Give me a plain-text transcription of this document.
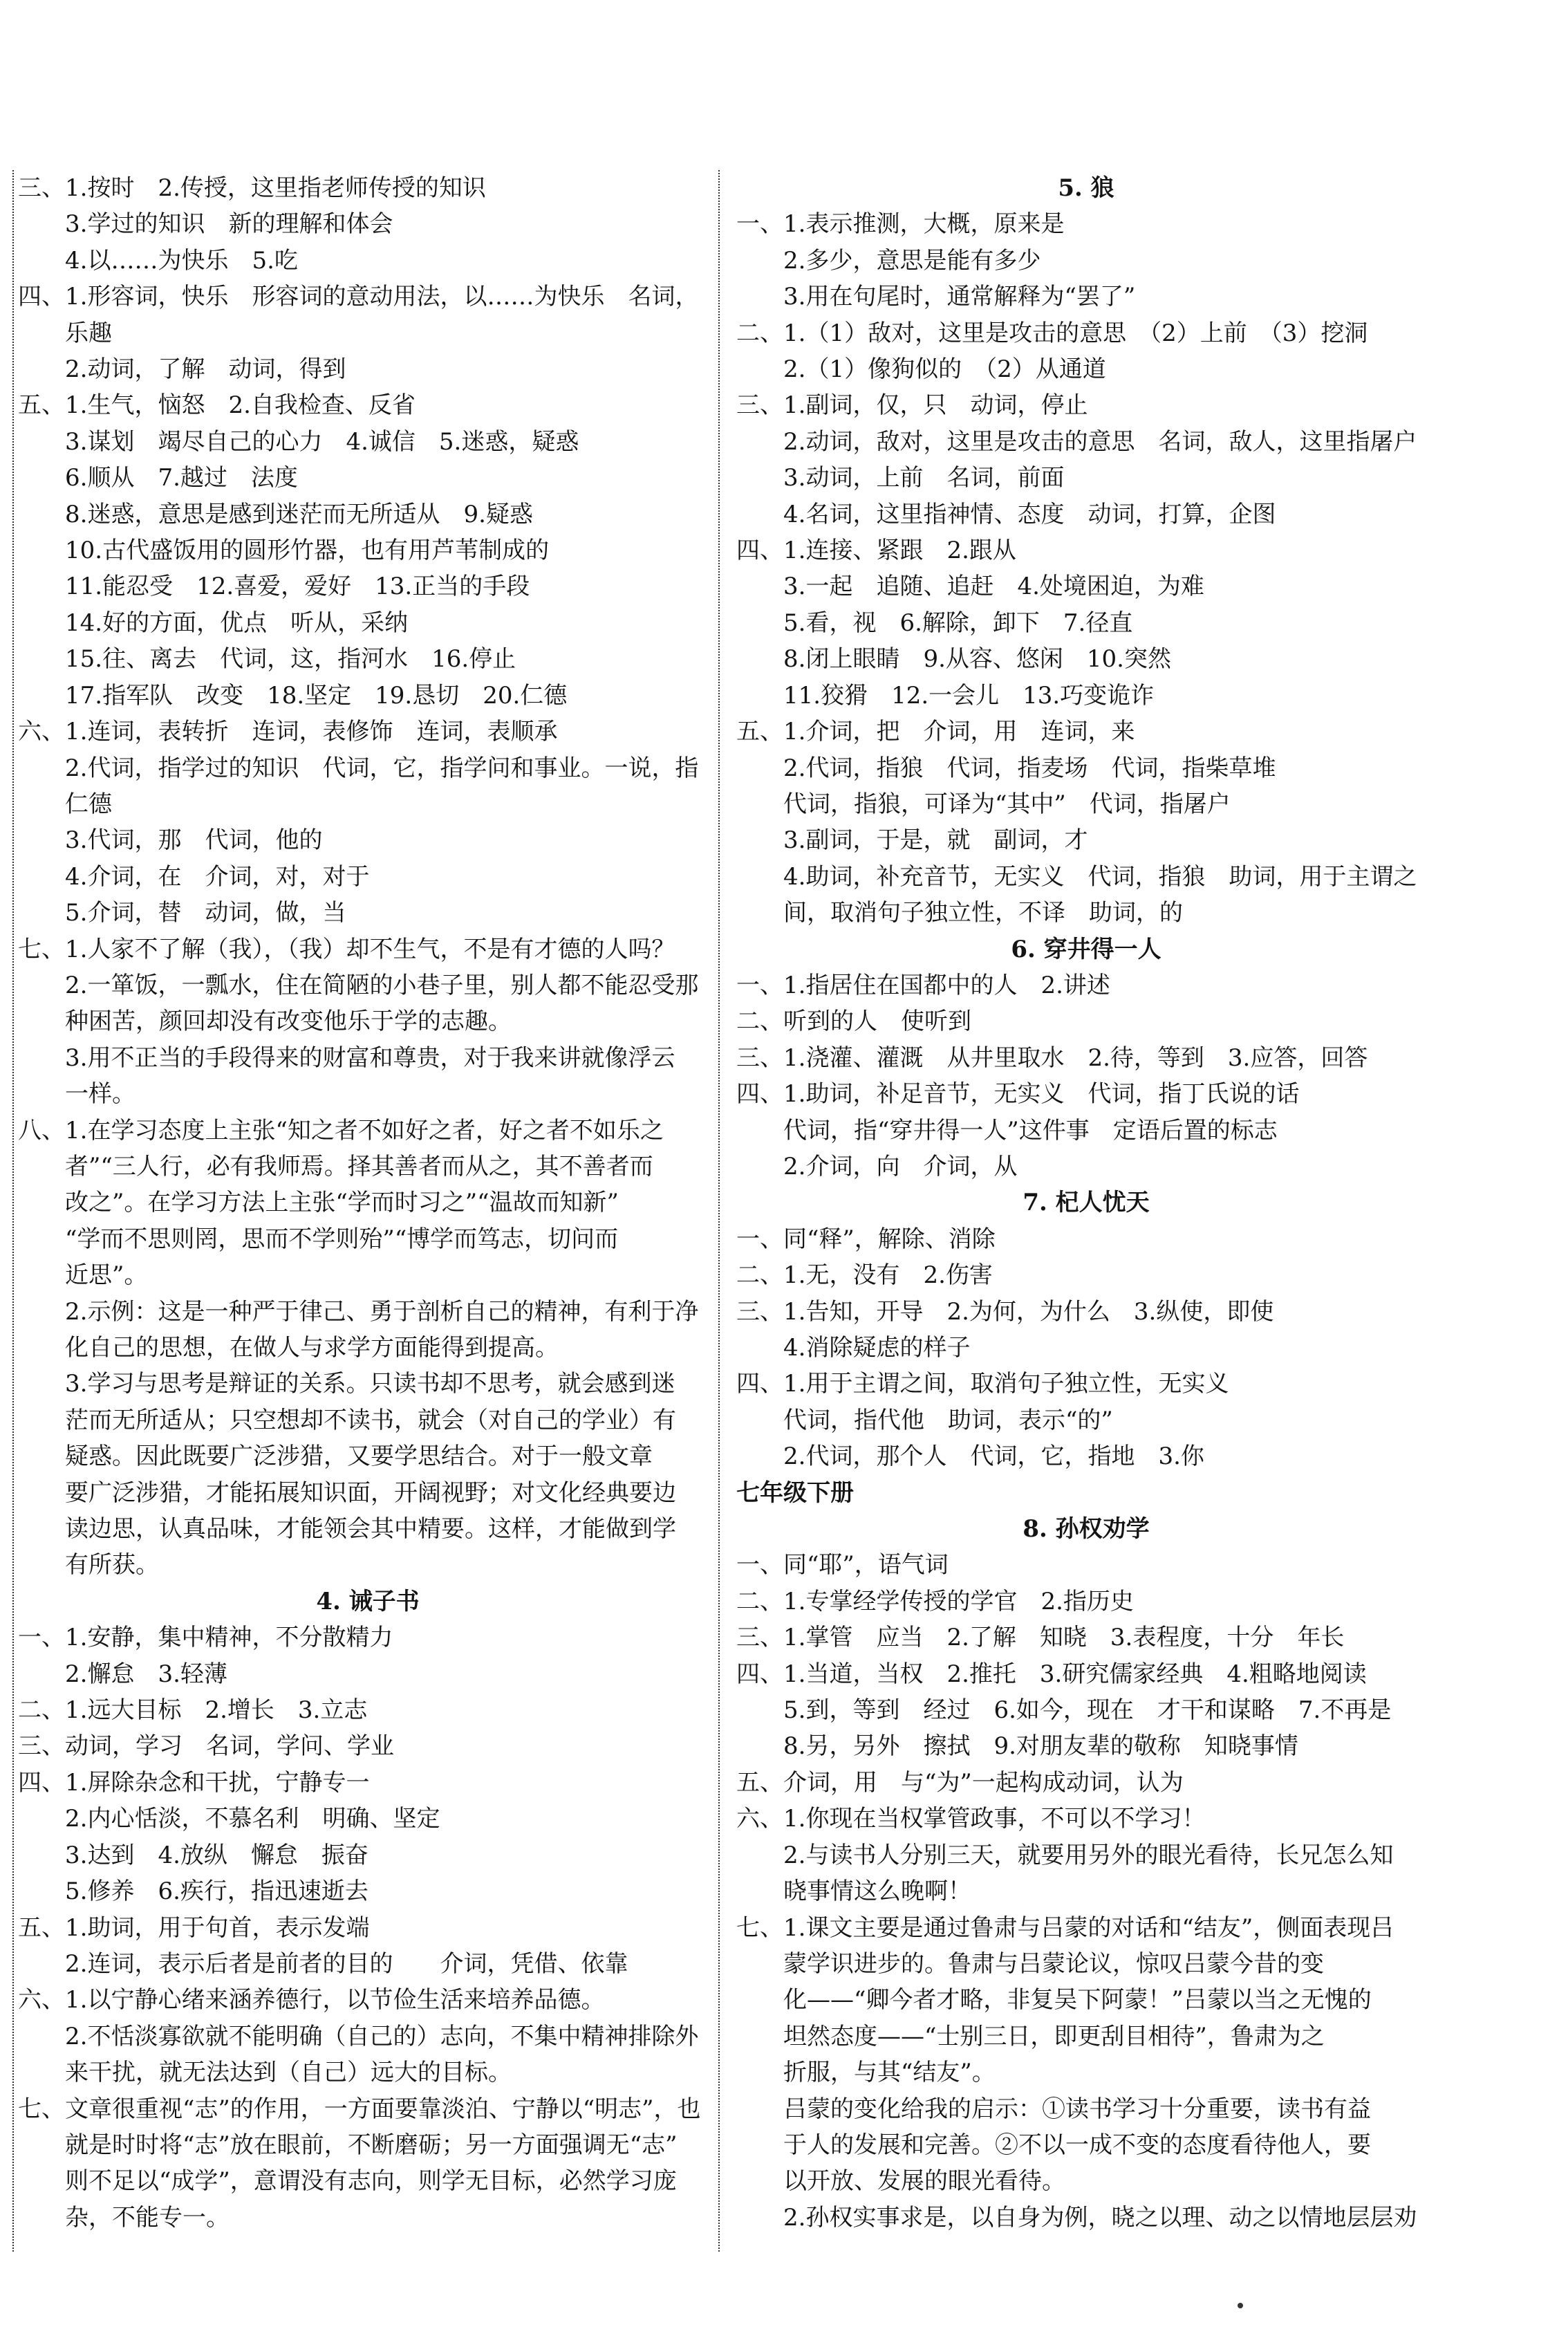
三、1.按时　2.传授，这里指老师传授的知识
　　3.学过的知识　新的理解和体会
　　4.以……为快乐　5.吃
四、1.形容词，快乐　形容词的意动用法，以……为快乐　名词，
　　乐趣
　　2.动词，了解　动词，得到
五、1.生气，恼怒　2.自我检查、反省
　　3.谋划　竭尽自己的心力　4.诚信　5.迷惑，疑惑
　　6.顺从　7.越过　法度
　　8.迷惑，意思是感到迷茫而无所适从　9.疑惑
　　10.古代盛饭用的圆形竹器，也有用芦苇制成的
　　11.能忍受　12.喜爱，爱好　13.正当的手段
　　14.好的方面，优点　听从，采纳
　　15.往、离去　代词，这，指河水　16.停止
　　17.指军队　改变　18.坚定　19.恳切　20.仁德
六、1.连词，表转折　连词，表修饰　连词，表顺承
　　2.代词，指学过的知识　代词，它，指学问和事业。一说，指
　　仁德
　　3.代词，那　代词，他的
　　4.介词，在　介词，对，对于
　　5.介词，替　动词，做，当
七、1.人家不了解（我），（我）却不生气，不是有才德的人吗？
　　2.一箪饭，一瓢水，住在简陋的小巷子里，别人都不能忍受那
　　种困苦，颜回却没有改变他乐于学的志趣。
　　3.用不正当的手段得来的财富和尊贵，对于我来讲就像浮云
　　一样。
八、1.在学习态度上主张“知之者不如好之者，好之者不如乐之
　　者”“三人行，必有我师焉。择其善者而从之，其不善者而
　　改之”。在学习方法上主张“学而时习之”“温故而知新”
　　“学而不思则罔，思而不学则殆”“博学而笃志，切问而
　　近思”。
　　2.示例：这是一种严于律己、勇于剖析自己的精神，有利于净
　　化自己的思想，在做人与求学方面能得到提高。
　　3.学习与思考是辩证的关系。只读书却不思考，就会感到迷
　　茫而无所适从；只空想却不读书，就会（对自己的学业）有
　　疑惑。因此既要广泛涉猎，又要学思结合。对于一般文章
　　要广泛涉猎，才能拓展知识面，开阔视野；对文化经典要边
　　读边思，认真品味，才能领会其中精要。这样，才能做到学
　　有所获。
4. 诫子书
一、1.安静，集中精神，不分散精力
　　2.懈怠　3.轻薄
二、1.远大目标　2.增长　3.立志
三、动词，学习　名词，学问、学业
四、1.屏除杂念和干扰，宁静专一
　　2.内心恬淡，不慕名利　明确、坚定
　　3.达到　4.放纵　懈怠　振奋
　　5.修养　6.疾行，指迅速逝去
五、1.助词，用于句首，表示发端
　　2.连词，表示后者是前者的目的　　介词，凭借、依靠
六、1.以宁静心绪来涵养德行，以节俭生活来培养品德。
　　2.不恬淡寡欲就不能明确（自己的）志向，不集中精神排除外
　　来干扰，就无法达到（自己）远大的目标。
七、文章很重视“志”的作用，一方面要靠淡泊、宁静以“明志”，也
　　就是时时将“志”放在眼前，不断磨砺；另一方面强调无“志”
　　则不足以“成学”，意谓没有志向，则学无目标，必然学习庞
　　杂，不能专一。
5. 狼
一、1.表示推测，大概，原来是
　　2.多少，意思是能有多少
　　3.用在句尾时，通常解释为“罢了”
二、1.（1）敌对，这里是攻击的意思　（2）上前　（3）挖洞
　　2.（1）像狗似的　（2）从通道
三、1.副词，仅，只　动词，停止
　　2.动词，敌对，这里是攻击的意思　名词，敌人，这里指屠户
　　3.动词，上前　名词，前面
　　4.名词，这里指神情、态度　动词，打算，企图
四、1.连接、紧跟　2.跟从
　　3.一起　追随、追赶　4.处境困迫，为难
　　5.看，视　6.解除，卸下　7.径直
　　8.闭上眼睛　9.从容、悠闲　10.突然
　　11.狡猾　12.一会儿　13.巧变诡诈
五、1.介词，把　介词，用　连词，来
　　2.代词，指狼　代词，指麦场　代词，指柴草堆
　　代词，指狼，可译为“其中”　代词，指屠户
　　3.副词，于是，就　副词，才
　　4.助词，补充音节，无实义　代词，指狼　助词，用于主谓之
　　间，取消句子独立性，不译　助词，的
6. 穿井得一人
一、1.指居住在国都中的人　2.讲述
二、听到的人　使听到
三、1.浇灌、灌溉　从井里取水　2.待，等到　3.应答，回答
四、1.助词，补足音节，无实义　代词，指丁氏说的话
　　代词，指“穿井得一人”这件事　定语后置的标志
　　2.介词，向　介词，从
7. 杞人忧天
一、同“释”，解除、消除
二、1.无，没有　2.伤害
三、1.告知，开导　2.为何，为什么　3.纵使，即使
　　4.消除疑虑的样子
四、1.用于主谓之间，取消句子独立性，无实义
　　代词，指代他　助词，表示“的”
　　2.代词，那个人　代词，它，指地　3.你
七年级下册
8. 孙权劝学
一、同“耶”，语气词
二、1.专掌经学传授的学官　2.指历史
三、1.掌管　应当　2.了解　知晓　3.表程度，十分　年长
四、1.当道，当权　2.推托　3.研究儒家经典　4.粗略地阅读
　　5.到，等到　经过　6.如今，现在　才干和谋略　7.不再是
　　8.另，另外　擦拭　9.对朋友辈的敬称　知晓事情
五、介词，用　与“为”一起构成动词，认为
六、1.你现在当权掌管政事，不可以不学习！
　　2.与读书人分别三天，就要用另外的眼光看待，长兄怎么知
　　晓事情这么晚啊！
七、1.课文主要是通过鲁肃与吕蒙的对话和“结友”，侧面表现吕
　　蒙学识进步的。鲁肃与吕蒙论议，惊叹吕蒙今昔的变
　　化——“卿今者才略，非复吴下阿蒙！”吕蒙以当之无愧的
　　坦然态度——“士别三日，即更刮目相待”，鲁肃为之
　　折服，与其“结友”。
　　吕蒙的变化给我的启示：①读书学习十分重要，读书有益
　　于人的发展和完善。②不以一成不变的态度看待他人，要
　　以开放、发展的眼光看待。
　　2.孙权实事求是，以自身为例，晓之以理、动之以情地层层劝
